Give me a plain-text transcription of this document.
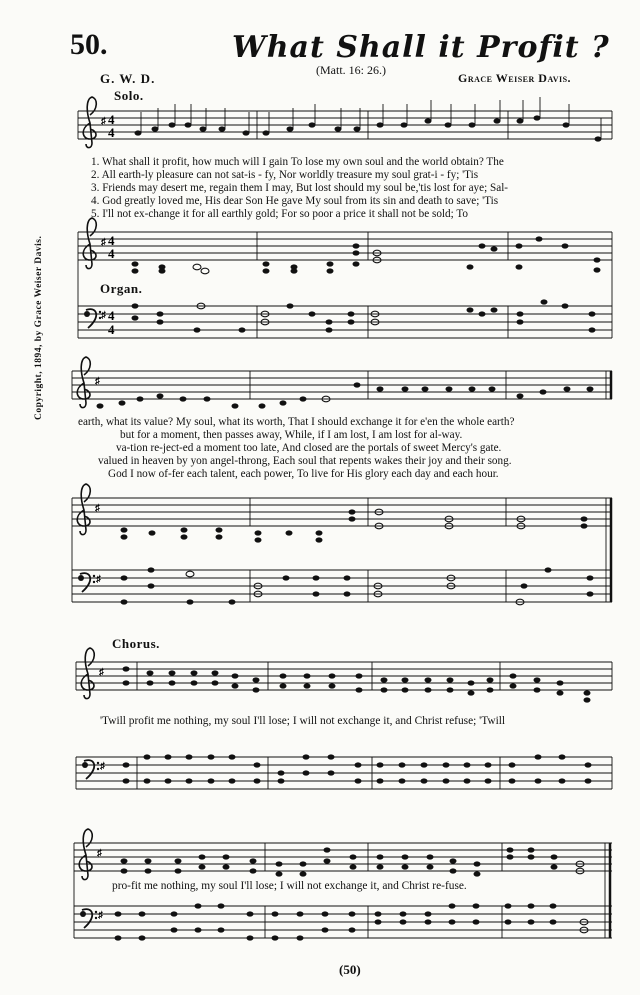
50.	What Shall it Profit ?
(Matt. 16: 26.)
G. W. D.	Grace Weiser Davis.
Solo.
Organ.
Chorus.
Copyright, 1894, by Grace Weiser Davis.
♯ 4
4
♯ 4
4
♯ 4
4
♯
♯
♯
♯
♯
♯
♯
1. What shall it profit, how much will I gain To lose my own soul and the world obtain? The
2. All earth-ly pleasure can not sat-is - fy, Nor worldly treasure my soul grat-i - fy; 'Tis
3. Friends may desert me, regain them I may, But lost should my soul be,'tis lost for aye; Sal-
4. God greatly loved me, His dear Son He gave My soul from its sin and death to save; 'Tis
5. I'll not ex-change it for all earthly gold; For so poor a price it shall not be sold; To
earth, what its value? My soul, what its worth, That I should exchange it for e'en the whole earth?
but for a moment, then passes away, While, if I am lost, I am lost for al-way.
va-tion re-ject-ed a moment too late, And closed are the portals of sweet Mercy's gate.
valued in heaven by yon angel-throng, Each soul that repents wakes their joy and their song.
God I now of-fer each talent, each power, To live for His glory each day and each hour.
'Twill profit me nothing, my soul I'll lose; I will not exchange it, and Christ refuse; 'Twill
pro-fit me nothing, my soul I'll lose; I will not exchange it, and Christ re-fuse.
(50)
